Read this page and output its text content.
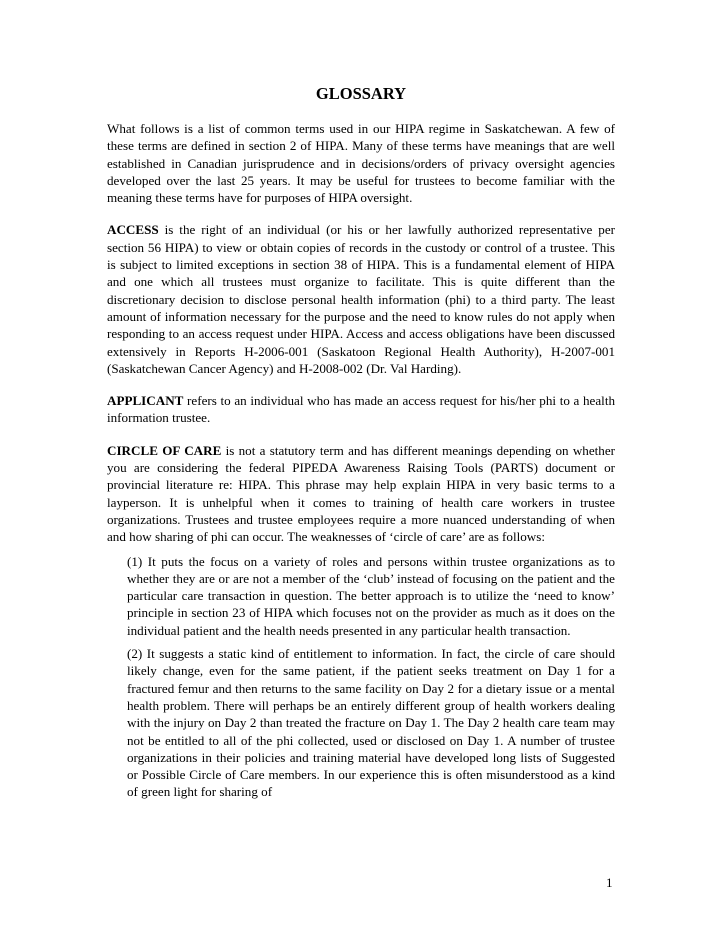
GLOSSARY

What follows is a list of common terms used in our HIPA regime in Saskatchewan. A few of these terms are defined in section 2 of HIPA. Many of these terms have meanings that are well established in Canadian jurisprudence and in decisions/orders of privacy oversight agencies developed over the last 25 years. It may be useful for trustees to become familiar with the meaning these terms have for purposes of HIPA oversight.

ACCESS is the right of an individual (or his or her lawfully authorized representative per section 56 HIPA) to view or obtain copies of records in the custody or control of a trustee. This is subject to limited exceptions in section 38 of HIPA. This is a fundamental element of HIPA and one which all trustees must organize to facilitate. This is quite different than the discretionary decision to disclose personal health information (phi) to a third party. The least amount of information necessary for the purpose and the need to know rules do not apply when responding to an access request under HIPA. Access and access obligations have been discussed extensively in Reports H-2006-001 (Saskatoon Regional Health Authority), H-2007-001 (Saskatchewan Cancer Agency) and H-2008-002 (Dr. Val Harding).

APPLICANT refers to an individual who has made an access request for his/her phi to a health information trustee.

CIRCLE OF CARE is not a statutory term and has different meanings depending on whether you are considering the federal PIPEDA Awareness Raising Tools (PARTS) document or provincial literature re: HIPA. This phrase may help explain HIPA in very basic terms to a layperson. It is unhelpful when it comes to training of health care workers in trustee organizations. Trustees and trustee employees require a more nuanced understanding of when and how sharing of phi can occur. The weaknesses of ‘circle of care’ are as follows:

(1) It puts the focus on a variety of roles and persons within trustee organizations as to whether they are or are not a member of the ‘club’ instead of focusing on the patient and the particular care transaction in question. The better approach is to utilize the ‘need to know’ principle in section 23 of HIPA which focuses not on the provider as much as it does on the individual patient and the health needs presented in any particular health transaction.

(2) It suggests a static kind of entitlement to information. In fact, the circle of care should likely change, even for the same patient, if the patient seeks treatment on Day 1 for a fractured femur and then returns to the same facility on Day 2 for a dietary issue or a mental health problem. There will perhaps be an entirely different group of health workers dealing with the injury on Day 2 than treated the fracture on Day 1. The Day 2 health care team may not be entitled to all of the phi collected, used or disclosed on Day 1. A number of trustee organizations in their policies and training material have developed long lists of Suggested or Possible Circle of Care members. In our experience this is often misunderstood as a kind of green light for sharing of

1
